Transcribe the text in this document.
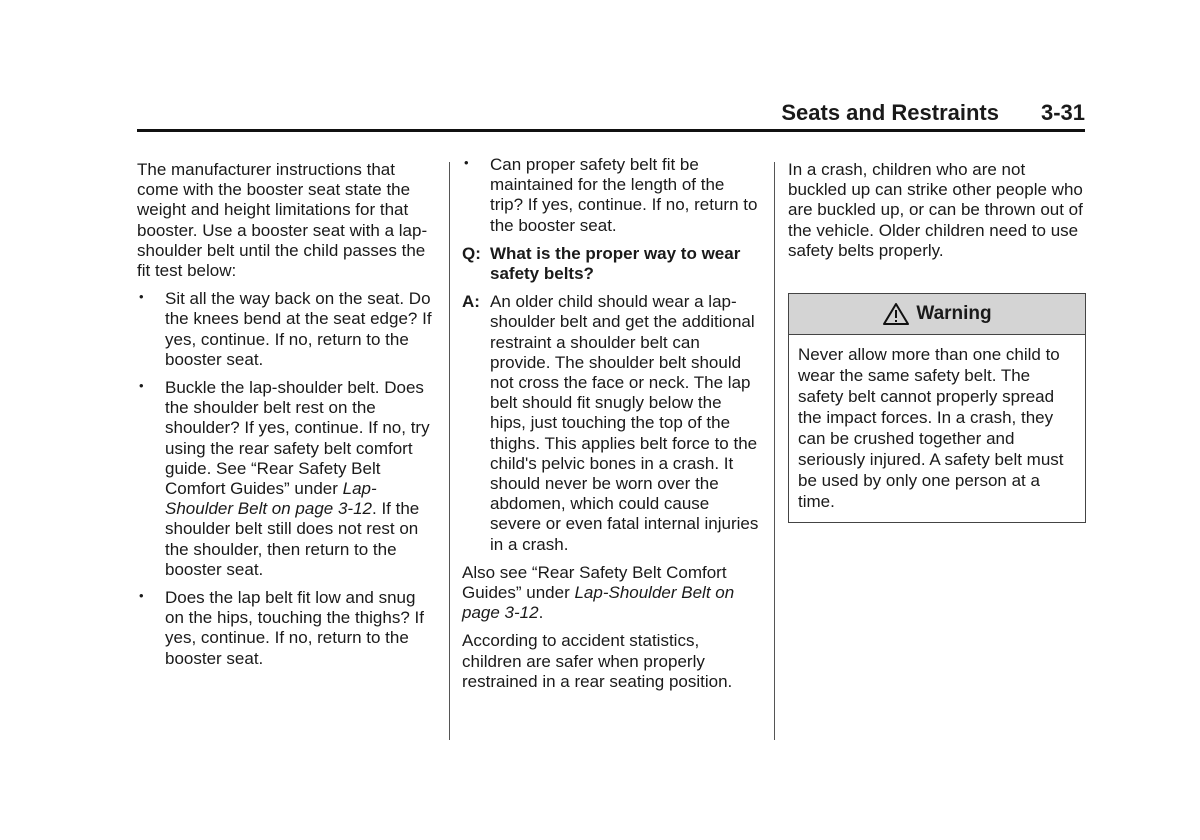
Seats and Restraints 3-31

The manufacturer instructions that come with the booster seat state the weight and height limitations for that booster. Use a booster seat with a lap-shoulder belt until the child passes the fit test below:

• Sit all the way back on the seat. Do the knees bend at the seat edge? If yes, continue. If no, return to the booster seat.
• Buckle the lap-shoulder belt. Does the shoulder belt rest on the shoulder? If yes, continue. If no, try using the rear safety belt comfort guide. See “Rear Safety Belt Comfort Guides” under Lap-Shoulder Belt on page 3-12. If the shoulder belt still does not rest on the shoulder, then return to the booster seat.
• Does the lap belt fit low and snug on the hips, touching the thighs? If yes, continue. If no, return to the booster seat.
• Can proper safety belt fit be maintained for the length of the trip? If yes, continue. If no, return to the booster seat.
Q: What is the proper way to wear safety belts?
A: An older child should wear a lap-shoulder belt and get the additional restraint a shoulder belt can provide. The shoulder belt should not cross the face or neck. The lap belt should fit snugly below the hips, just touching the top of the thighs. This applies belt force to the child's pelvic bones in a crash. It should never be worn over the abdomen, which could cause severe or even fatal internal injuries in a crash.

Also see “Rear Safety Belt Comfort Guides” under Lap-Shoulder Belt on page 3-12.

According to accident statistics, children are safer when properly restrained in a rear seating position.

In a crash, children who are not buckled up can strike other people who are buckled up, or can be thrown out of the vehicle. Older children need to use safety belts properly.

Warning
Never allow more than one child to wear the same safety belt. The safety belt cannot properly spread the impact forces. In a crash, they can be crushed together and seriously injured. A safety belt must be used by only one person at a time.
